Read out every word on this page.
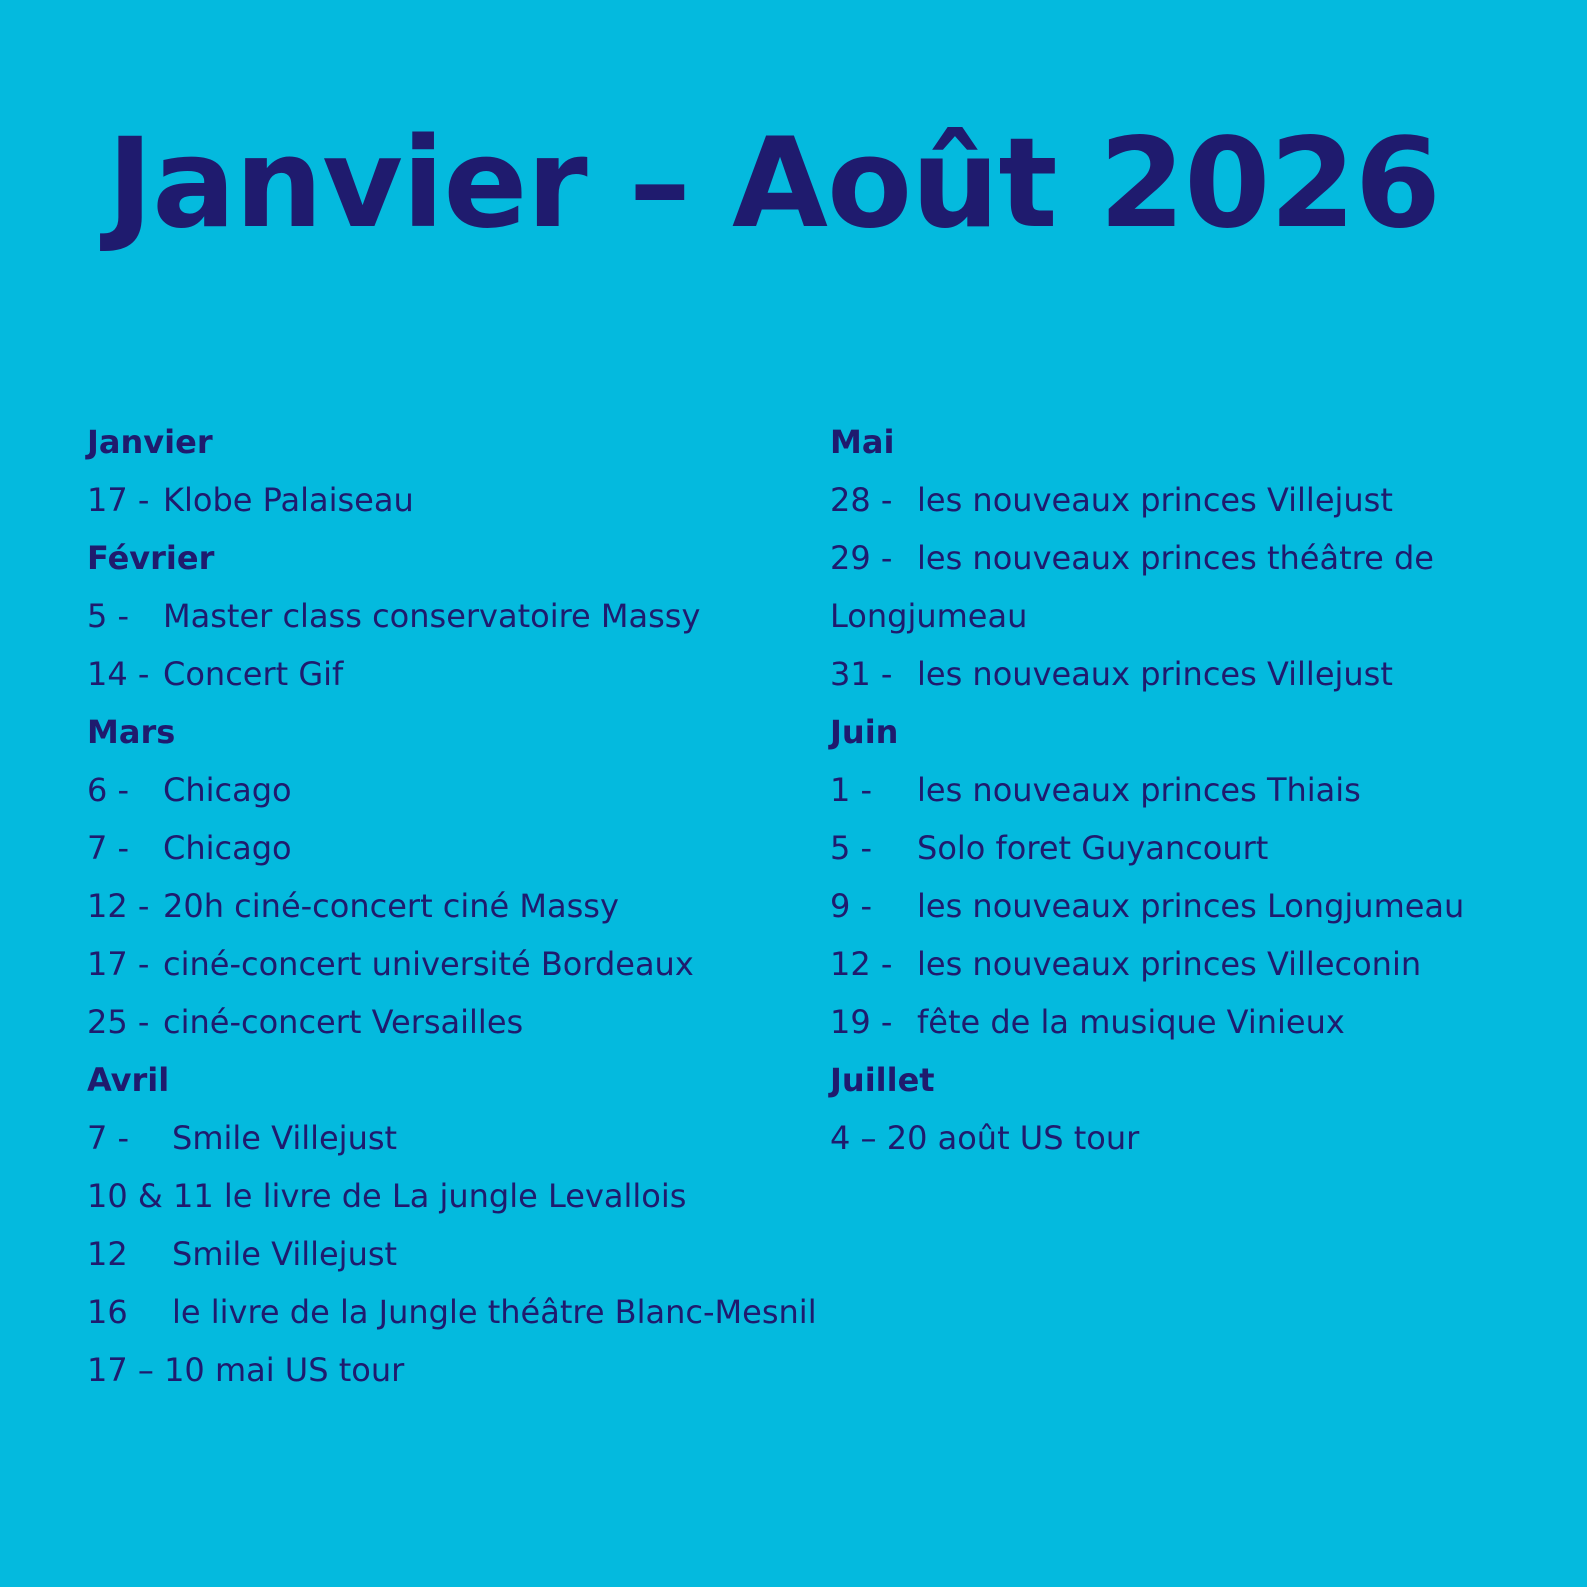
Janvier – Août 2026
Janvier
17 - Klobe Palaiseau
Février
5 - Master class conservatoire Massy
14 - Concert Gif
Mars
6 - Chicago
7 - Chicago
12 - 20h ciné-concert ciné Massy
17 - ciné-concert université Bordeaux
25 - ciné-concert Versailles
Avril
7 - Smile Villejust
10 & 11 le livre de La jungle Levallois
12 Smile Villejust
16 le livre de la Jungle théâtre Blanc-Mesnil
17 – 10 mai US tour
Mai
28 - les nouveaux princes Villejust
29 - les nouveaux princes théâtre de
Longjumeau
31 - les nouveaux princes Villejust
Juin
1 - les nouveaux princes Thiais
5 - Solo foret Guyancourt
9 - les nouveaux princes Longjumeau
12 - les nouveaux princes Villeconin
19 - fête de la musique Vinieux
Juillet
4 – 20 août US tour
